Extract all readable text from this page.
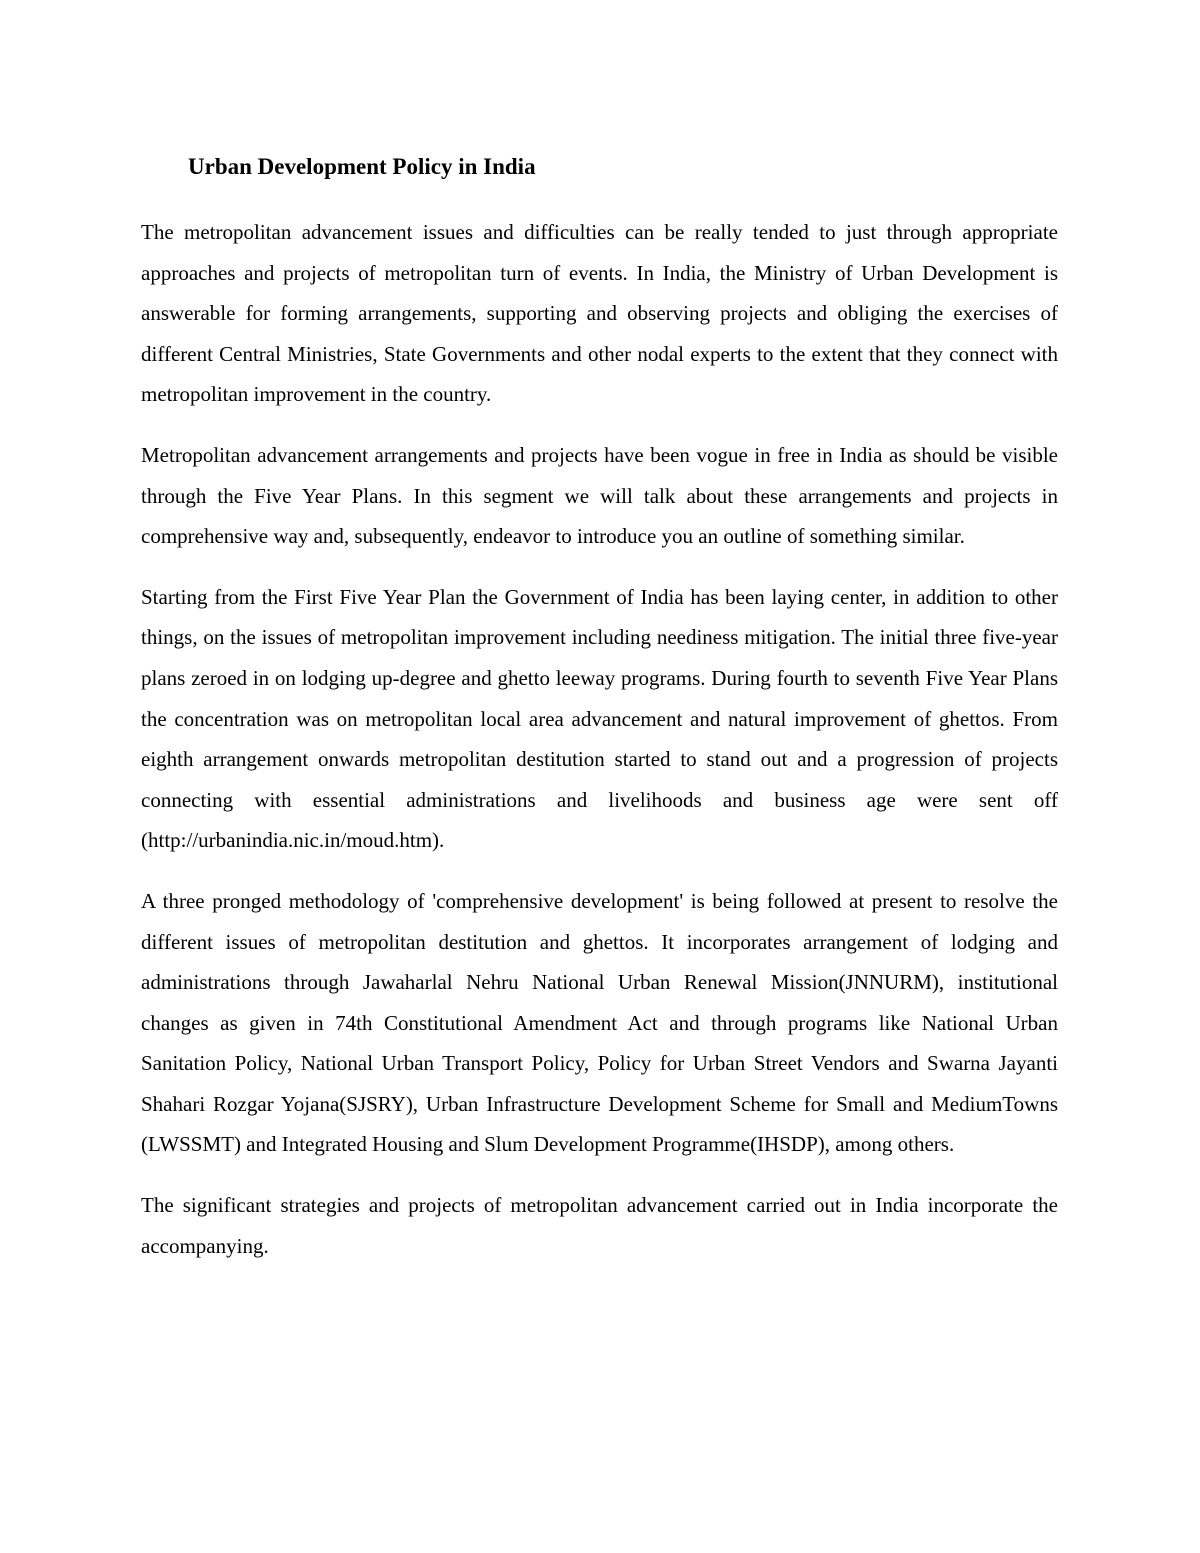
Urban Development Policy in India

The metropolitan advancement issues and difficulties can be really tended to just through appropriate approaches and projects of metropolitan turn of events. In India, the Ministry of Urban Development is answerable for forming arrangements, supporting and observing projects and obliging the exercises of different Central Ministries, State Governments and other nodal experts to the extent that they connect with metropolitan improvement in the country.

Metropolitan advancement arrangements and projects have been vogue in free in India as should be visible through the Five Year Plans. In this segment we will talk about these arrangements and projects in comprehensive way and, subsequently, endeavor to introduce you an outline of something similar.

Starting from the First Five Year Plan the Government of India has been laying center, in addition to other things, on the issues of metropolitan improvement including neediness mitigation. The initial three five-year plans zeroed in on lodging up-degree and ghetto leeway programs. During fourth to seventh Five Year Plans the concentration was on metropolitan local area advancement and natural improvement of ghettos. From eighth arrangement onwards metropolitan destitution started to stand out and a progression of projects connecting with essential administrations and livelihoods and business age were sent off (http://urbanindia.nic.in/moud.htm).

A three pronged methodology of 'comprehensive development' is being followed at present to resolve the different issues of metropolitan destitution and ghettos. It incorporates arrangement of lodging and administrations through Jawaharlal Nehru National Urban Renewal Mission(JNNURM), institutional changes as given in 74th Constitutional Amendment Act and through programs like National Urban Sanitation Policy, National Urban Transport Policy, Policy for Urban Street Vendors and Swarna Jayanti Shahari Rozgar Yojana(SJSRY), Urban Infrastructure Development Scheme for Small and MediumTowns (LWSSMT) and Integrated Housing and Slum Development Programme(IHSDP), among others.

The significant strategies and projects of metropolitan advancement carried out in India incorporate the accompanying.
